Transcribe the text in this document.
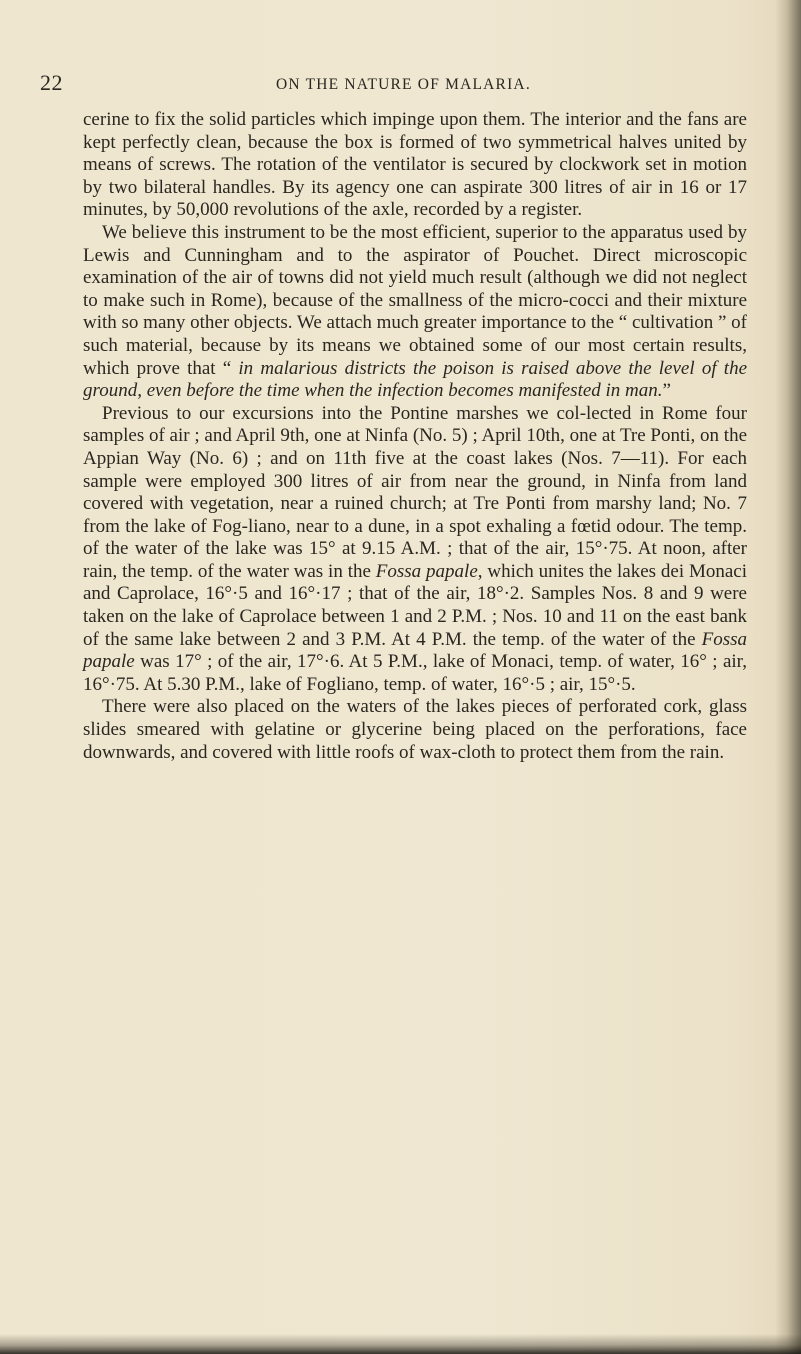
22	ON THE NATURE OF MALARIA.

cerine to fix the solid particles which impinge upon them. The interior and the fans are kept perfectly clean, because the box is formed of two symmetrical halves united by means of screws. The rotation of the ventilator is secured by clockwork set in motion by two bilateral handles. By its agency one can aspirate 300 litres of air in 16 or 17 minutes, by 50,000 revolutions of the axle, recorded by a register.

We believe this instrument to be the most efficient, superior to the apparatus used by Lewis and Cunningham and to the aspirator of Pouchet. Direct microscopic examination of the air of towns did not yield much result (although we did not neglect to make such in Rome), because of the smallness of the micro-cocci and their mixture with so many other objects. We attach much greater importance to the “ cultivation ” of such material, because by its means we obtained some of our most certain results, which prove that “ in malarious districts the poison is raised above the level of the ground, even before the time when the infection becomes manifested in man.”

Previous to our excursions into the Pontine marshes we col-lected in Rome four samples of air ; and April 9th, one at Ninfa (No. 5) ; April 10th, one at Tre Ponti, on the Appian Way (No. 6) ; and on 11th five at the coast lakes (Nos. 7—11). For each sample were employed 300 litres of air from near the ground, in Ninfa from land covered with vegetation, near a ruined church; at Tre Ponti from marshy land; No. 7 from the lake of Fog-liano, near to a dune, in a spot exhaling a fœtid odour. The temp. of the water of the lake was 15° at 9.15 A.M. ; that of the air, 15°·75. At noon, after rain, the temp. of the water was in the Fossa papale, which unites the lakes dei Monaci and Caprolace, 16°·5 and 16°·17 ; that of the air, 18°·2. Samples Nos. 8 and 9 were taken on the lake of Caprolace between 1 and 2 P.M. ; Nos. 10 and 11 on the east bank of the same lake between 2 and 3 P.M. At 4 P.M. the temp. of the water of the Fossa papale was 17° ; of the air, 17°·6. At 5 P.M., lake of Monaci, temp. of water, 16° ; air, 16°·75. At 5.30 P.M., lake of Fogliano, temp. of water, 16°·5 ; air, 15°·5.

There were also placed on the waters of the lakes pieces of perforated cork, glass slides smeared with gelatine or glycerine being placed on the perforations, face downwards, and covered with little roofs of wax-cloth to protect them from the rain.
